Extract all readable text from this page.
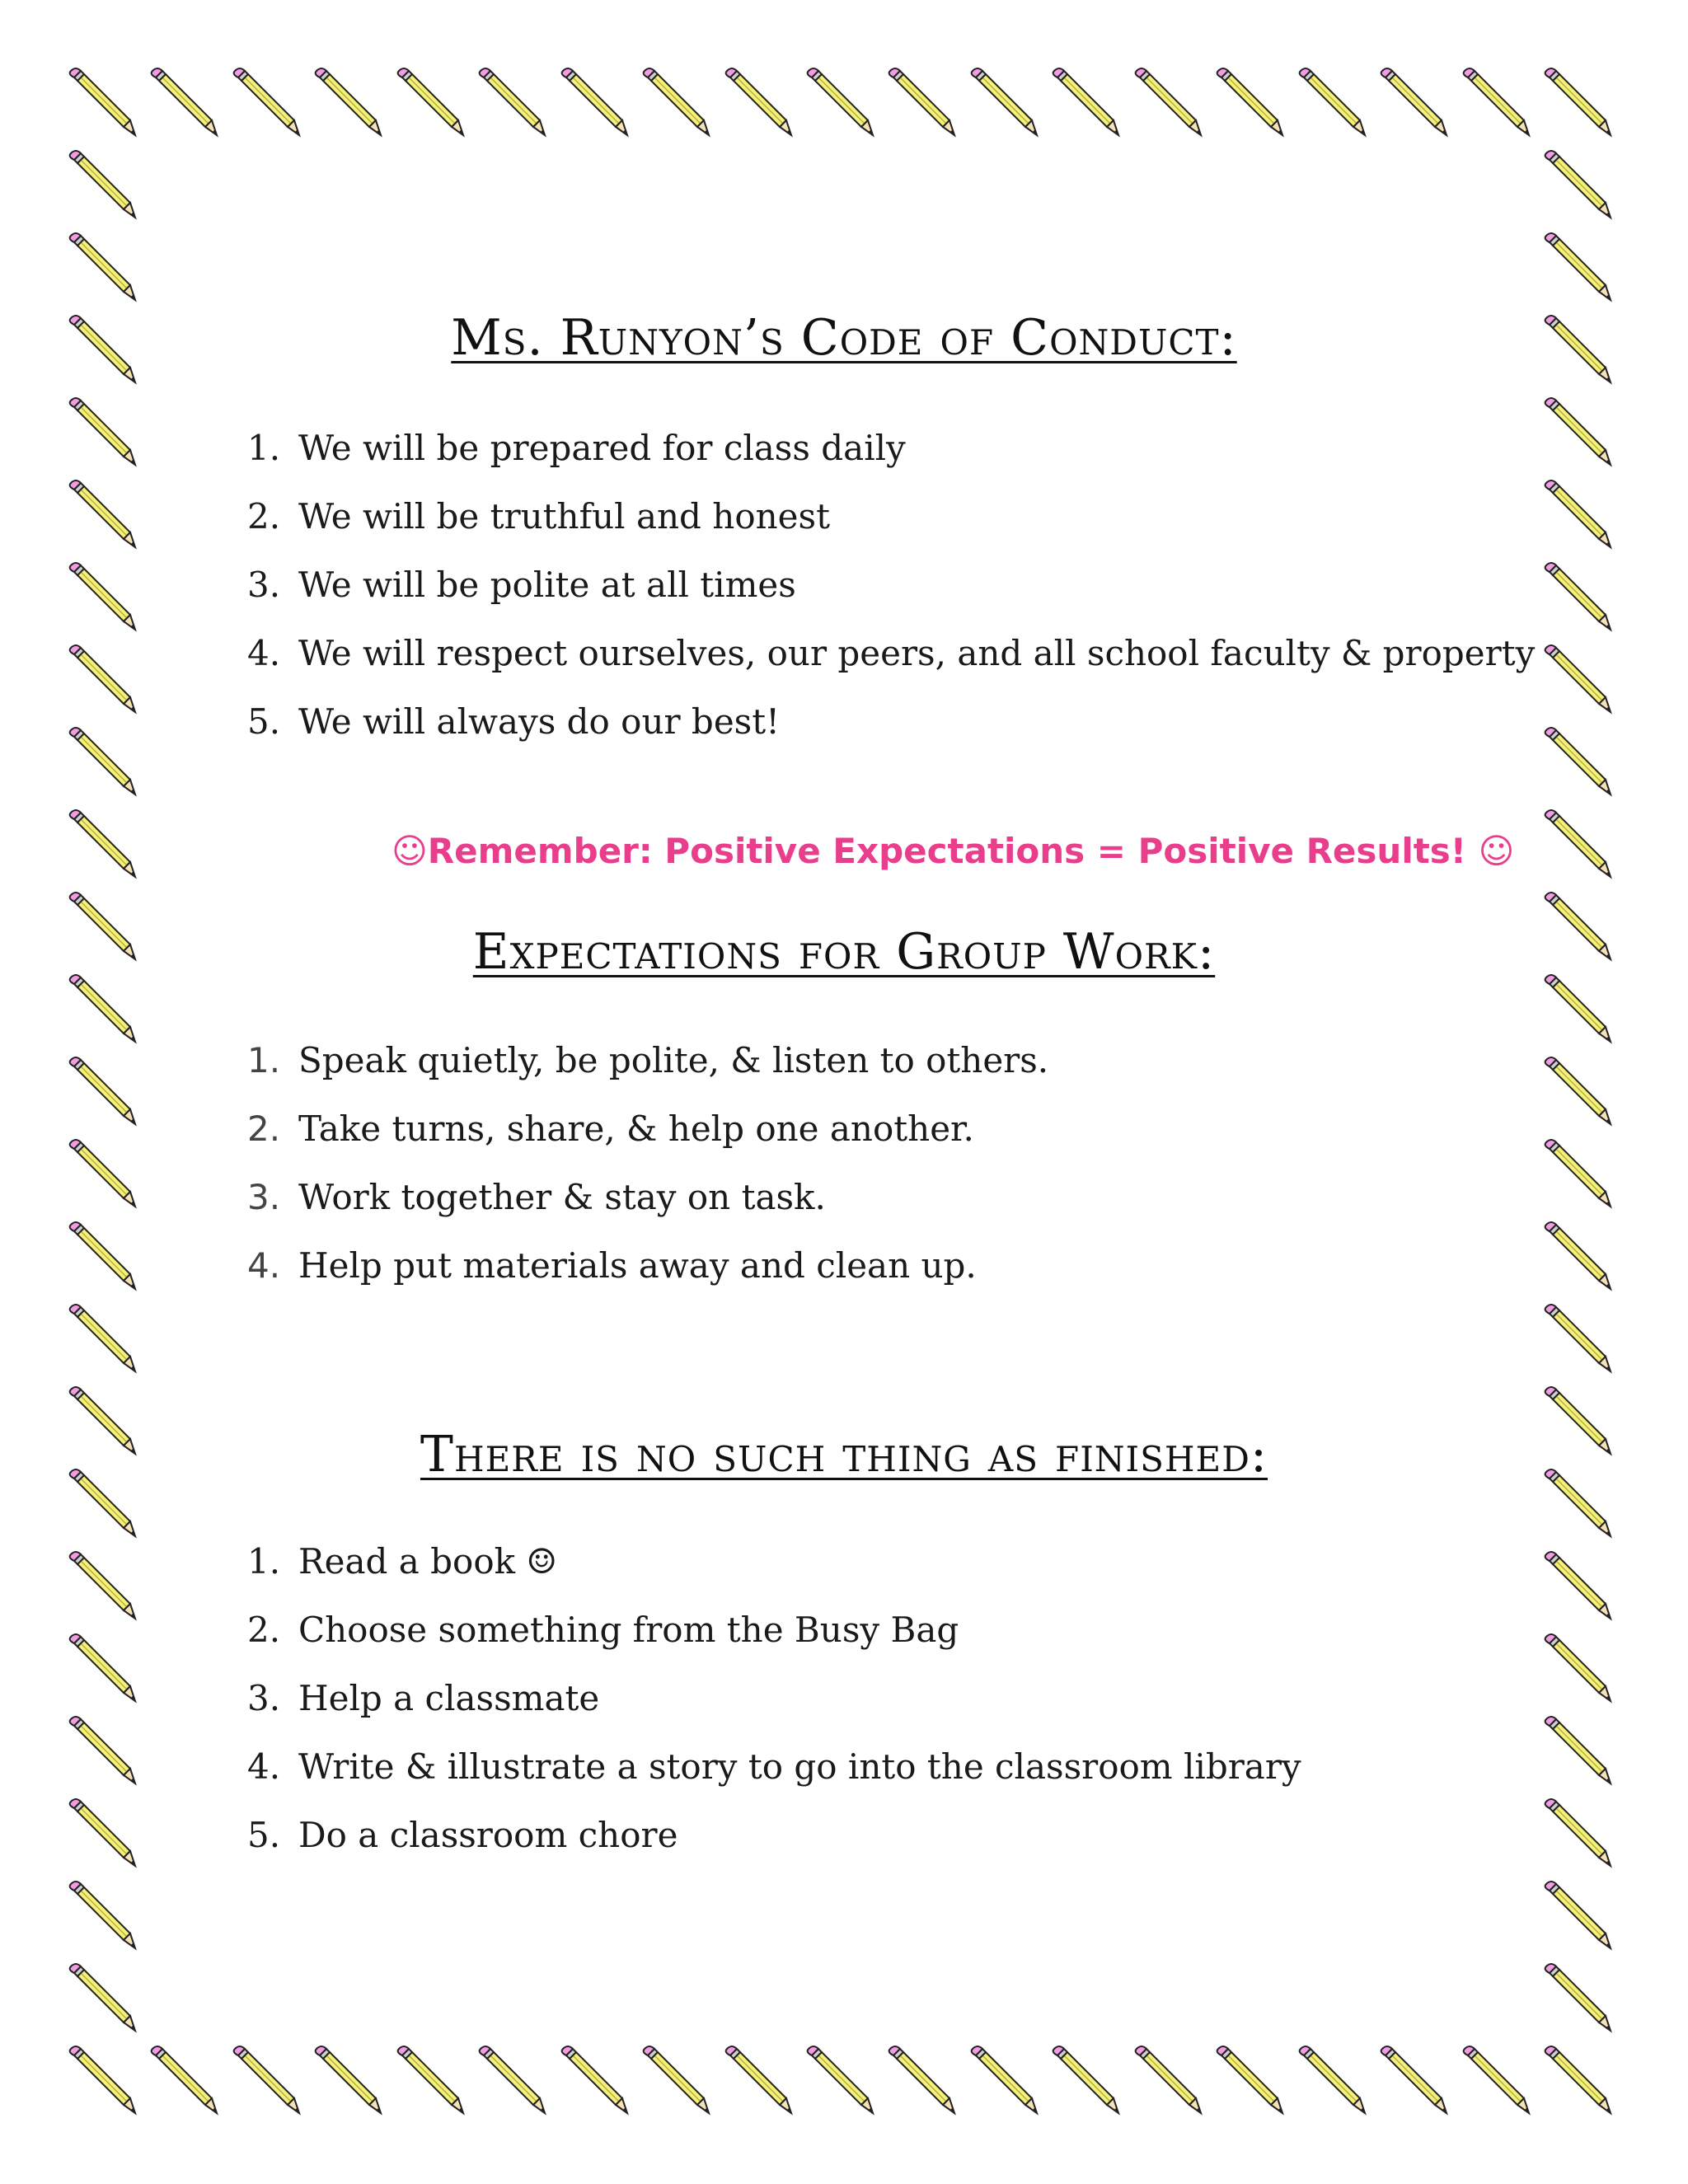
Ms. Runyon’s Code of Conduct:
1. We will be prepared for class daily
2. We will be truthful and honest
3. We will be polite at all times
4. We will respect ourselves, our peers, and all school faculty & property
5. We will always do our best!
☺Remember: Positive Expectations = Positive Results! ☺
Expectations for Group Work:
1. Speak quietly, be polite, & listen to others.
2. Take turns, share, & help one another.
3. Work together & stay on task.
4. Help put materials away and clean up.
There is no such thing as finished:
1. Read a book ☺
2. Choose something from the Busy Bag
3. Help a classmate
4. Write & illustrate a story to go into the classroom library
5. Do a classroom chore
